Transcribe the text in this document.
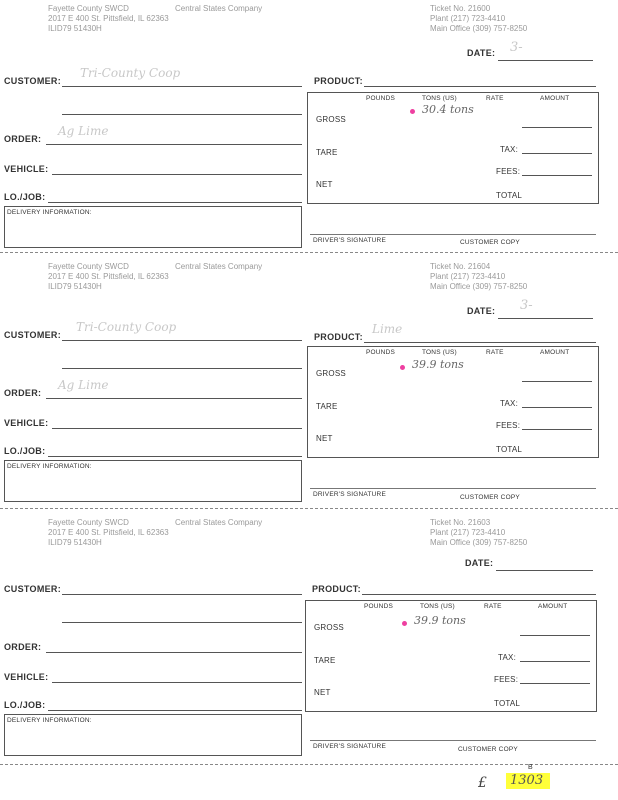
Fayette County SWCD	Central States Company
2017 E 400 St. Pittsfield, IL 62363
ILID79 51430H
Ticket No. 21600
Plant (217) 723-4410
Main Office (309) 757-8250
DATE: 3-
CUSTOMER:
Tri-County Coop
PRODUCT:
ORDER:
Ag Lime
VEHICLE:
LO./JOB:
DELIVERY INFORMATION:
POUNDS	TONS (US)	RATE	AMOUNT
GROSS
30.4 tons
TARE	TAX:
NET
FEES:
TOTAL
DRIVER'S SIGNATURE	CUSTOMER COPY
Fayette County SWCD	Central States Company
2017 E 400 St. Pittsfield, IL 62363
ILID79 51430H
Ticket No. 21604
Plant (217) 723-4410
Main Office (309) 757-8250
DATE: 3-
CUSTOMER:
Tri-County Coop
PRODUCT:
Lime
ORDER:
Ag Lime
VEHICLE:
LO./JOB:
DELIVERY INFORMATION:
POUNDS	TONS (US)	RATE	AMOUNT
GROSS
39.9 tons
TARE	TAX:
NET
FEES:
TOTAL
DRIVER'S SIGNATURE	CUSTOMER COPY
Fayette County SWCD	Central States Company
2017 E 400 St. Pittsfield, IL 62363
ILID79 51430H
Ticket No. 21603
Plant (217) 723-4410
Main Office (309) 757-8250
DATE:
CUSTOMER:	PRODUCT:
ORDER:
VEHICLE:
LO./JOB:
DELIVERY INFORMATION:
POUNDS	TONS (US)	RATE	AMOUNT
GROSS
39.9 tons
TARE	TAX:
NET
FEES:
TOTAL
DRIVER'S SIGNATURE	CUSTOMER COPY
£
B
1303
